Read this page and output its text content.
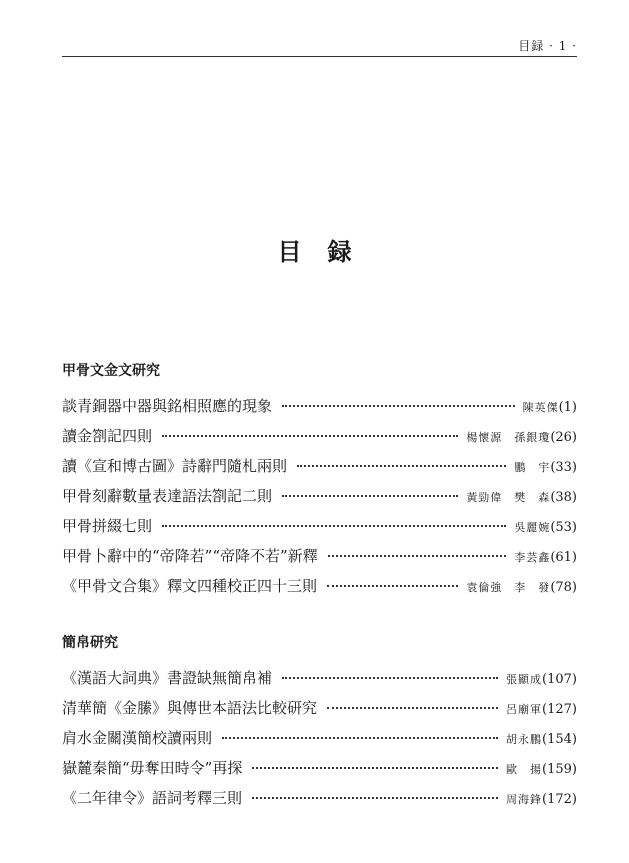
目録 · 1 ·
目録
甲骨文金文研究
談青銅器中器與銘相照應的現象	陳英傑 (1)
讀金劄記四則	楊懷源　孫銀瓊 (26)
讀《宣和博古圖》詩辭門隨札兩則	鵬　宇 (33)
甲骨刻辭數量表達語法劄記二則	黃勁偉　樊　森 (38)
甲骨拼綴七則	吳麗婉 (53)
甲骨卜辭中的“帝降若”“帝降不若”新釋	李芸鑫 (61)
《甲骨文合集》釋文四種校正四十三則	袁倫強　李　發 (78)
簡帛研究
《漢語大詞典》書證缺無簡帛補	張顯成 (107)
清華簡《金縢》與傳世本語法比較研究	呂廟軍 (127)
肩水金關漢簡校讀兩則	胡永鵬 (154)
嶽麓秦簡“毋奪田時令”再探	歐　揚 (159)
《二年律令》語詞考釋三則	周海鋒 (172)
